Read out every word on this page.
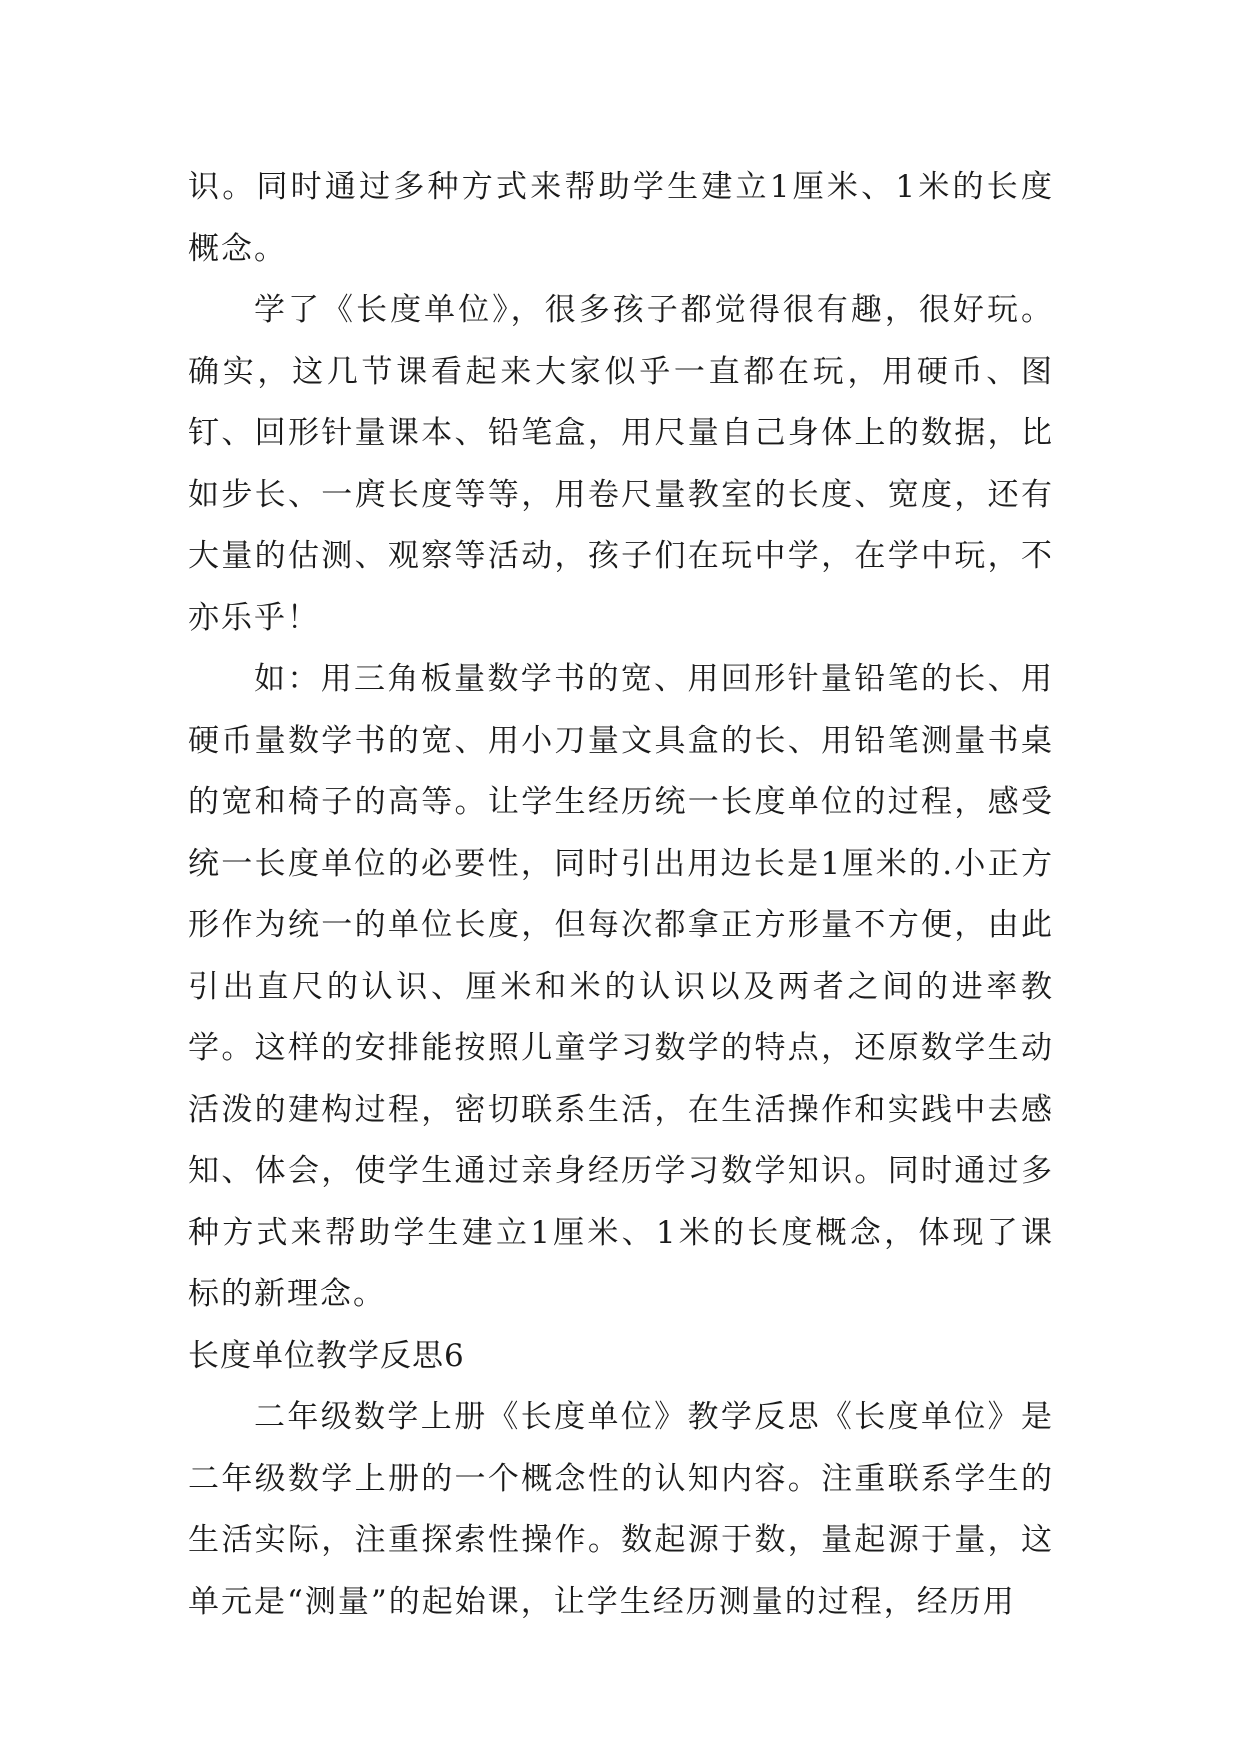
识。同时通过多种方式来帮助学生建立1厘米、1米的长度概念。

学了《长度单位》，很多孩子都觉得很有趣，很好玩。确实，这几节课看起来大家似乎一直都在玩，用硬币、图钉、回形针量课本、铅笔盒，用尺量自己身体上的数据，比如步长、一庹长度等等，用卷尺量教室的长度、宽度，还有大量的估测、观察等活动，孩子们在玩中学，在学中玩，不亦乐乎！

如：用三角板量数学书的宽、用回形针量铅笔的长、用硬币量数学书的宽、用小刀量文具盒的长、用铅笔测量书桌的宽和椅子的高等。让学生经历统一长度单位的过程，感受统一长度单位的必要性，同时引出用边长是1厘米的.小正方形作为统一的单位长度，但每次都拿正方形量不方便，由此引出直尺的认识、厘米和米的认识以及两者之间的进率教学。这样的安排能按照儿童学习数学的特点，还原数学生动活泼的建构过程，密切联系生活，在生活操作和实践中去感知、体会，使学生通过亲身经历学习数学知识。同时通过多种方式来帮助学生建立1厘米、1米的长度概念，体现了课标的新理念。

长度单位教学反思6

二年级数学上册《长度单位》教学反思《长度单位》是二年级数学上册的一个概念性的认知内容。注重联系学生的生活实际，注重探索性操作。数起源于数，量起源于量，这单元是“测量”的起始课，让学生经历测量的过程，经历用
